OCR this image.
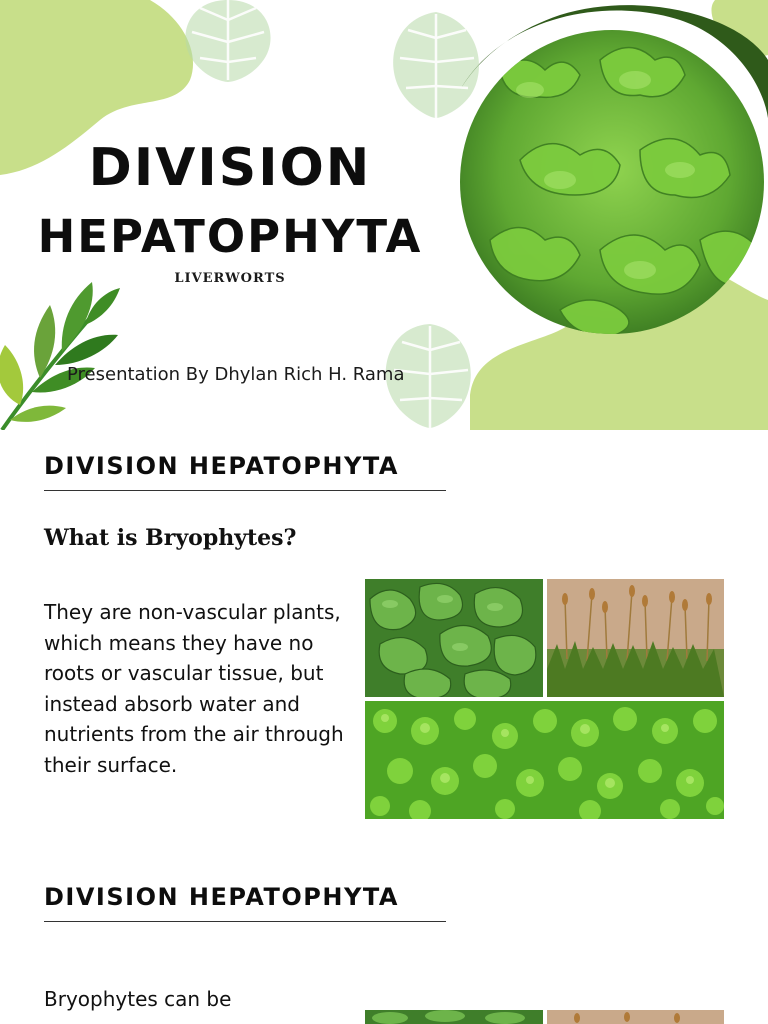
DIVISION
HEPATOPHYTA
LIVERWORTS
Presentation By Dhylan Rich H. Rama
DIVISION HEPATOPHYTA
What is Bryophytes?
They are non-vascular plants, which means they have no roots or vascular tissue, but instead absorb water and nutrients from the air through their surface.
DIVISION HEPATOPHYTA
Bryophytes can be
